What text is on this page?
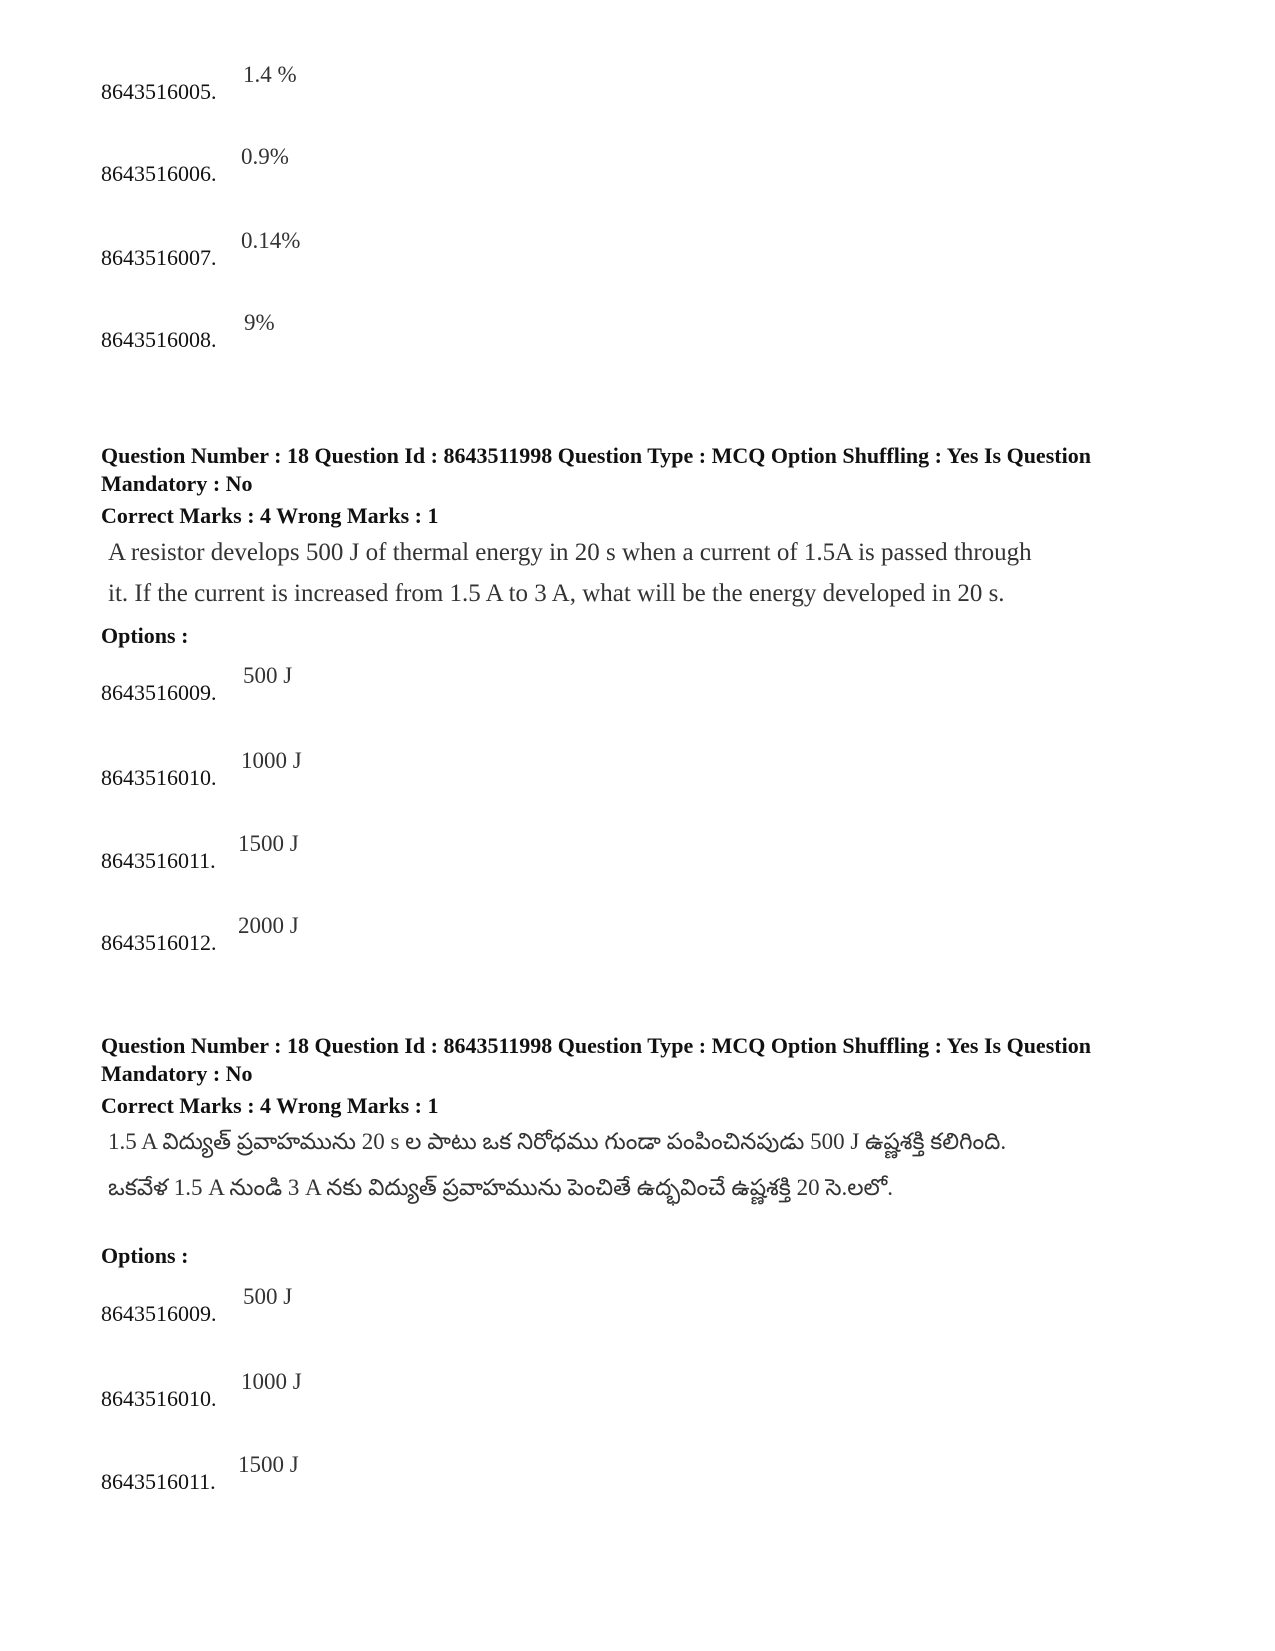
8643516005.
1.4 %
8643516006.
0.9%
8643516007.
0.14%
8643516008.
9%
Question Number : 18 Question Id : 8643511998 Question Type : MCQ Option Shuffling : Yes Is Question Mandatory : No
Correct Marks : 4 Wrong Marks : 1
A resistor develops 500 J of thermal energy in 20 s when a current of 1.5A is passed through
it. If the current is increased from 1.5 A to 3 A, what will be the energy developed in 20 s.
Options :
8643516009.
500 J
8643516010.
1000 J
8643516011.
1500 J
8643516012.
2000 J
Question Number : 18 Question Id : 8643511998 Question Type : MCQ Option Shuffling : Yes Is Question Mandatory : No
Correct Marks : 4 Wrong Marks : 1
1.5 A విద్యుత్ ప్రవాహమును 20 s ల పాటు ఒక నిరోధము గుండా పంపించినపుడు 500 J ఉష్ణశక్తి కలిగింది.
ఒకవేళ 1.5 A నుండి 3 A నకు విద్యుత్ ప్రవాహమును పెంచితే ఉద్భవించే ఉష్ణశక్తి 20 సె.లలో.
Options :
8643516009.
500 J
8643516010.
1000 J
8643516011.
1500 J
